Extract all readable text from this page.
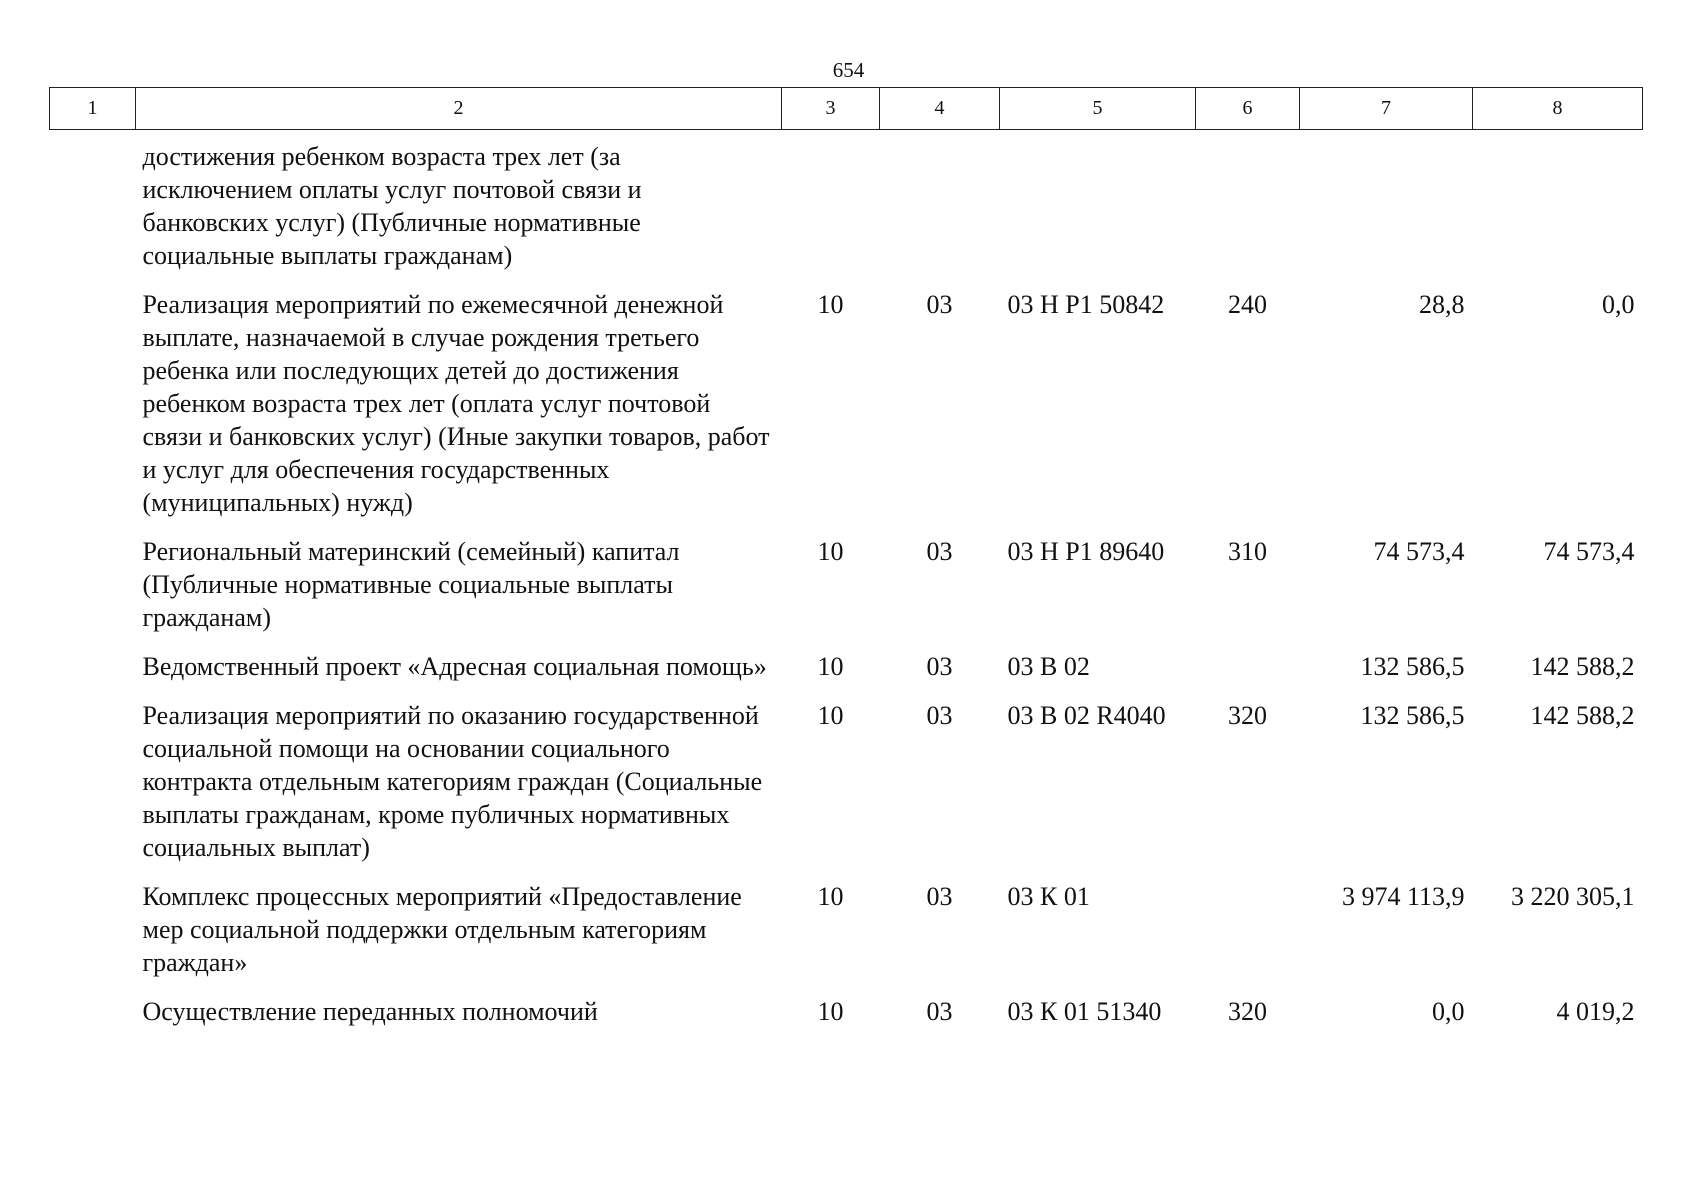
654
1	2	3	4	5	6	7	8
достижения ребенком возраста трех лет (за исключением оплаты услуг почтовой связи и банковских услуг) (Публичные нормативные социальные выплаты гражданам)							
Реализация мероприятий по ежемесячной денежной выплате, назначаемой в случае рождения третьего ребенка или последующих детей до достижения ребенком возраста трех лет (оплата услуг почтовой связи и банковских услуг) (Иные закупки товаров, работ и услуг для обеспечения государственных (муниципальных) нужд)		10	03	03 Н Р1 50842	240	28,8	0,0
Региональный материнский (семейный) капитал (Публичные нормативные социальные выплаты гражданам)		10	03	03 Н Р1 89640	310	74 573,4	74 573,4
Ведомственный проект «Адресная социальная помощь»		10	03	03 В 02		132 586,5	142 588,2
Реализация мероприятий по оказанию государственной социальной помощи на основании социального контракта отдельным категориям граждан (Социальные выплаты гражданам, кроме публичных нормативных социальных выплат)		10	03	03 В 02 R4040	320	132 586,5	142 588,2
Комплекс процессных мероприятий «Предоставление мер социальной поддержки отдельным категориям граждан»		10	03	03 К 01		3 974 113,9	3 220 305,1
Осуществление переданных полномочий		10	03	03 К 01 51340	320	0,0	4 019,2
